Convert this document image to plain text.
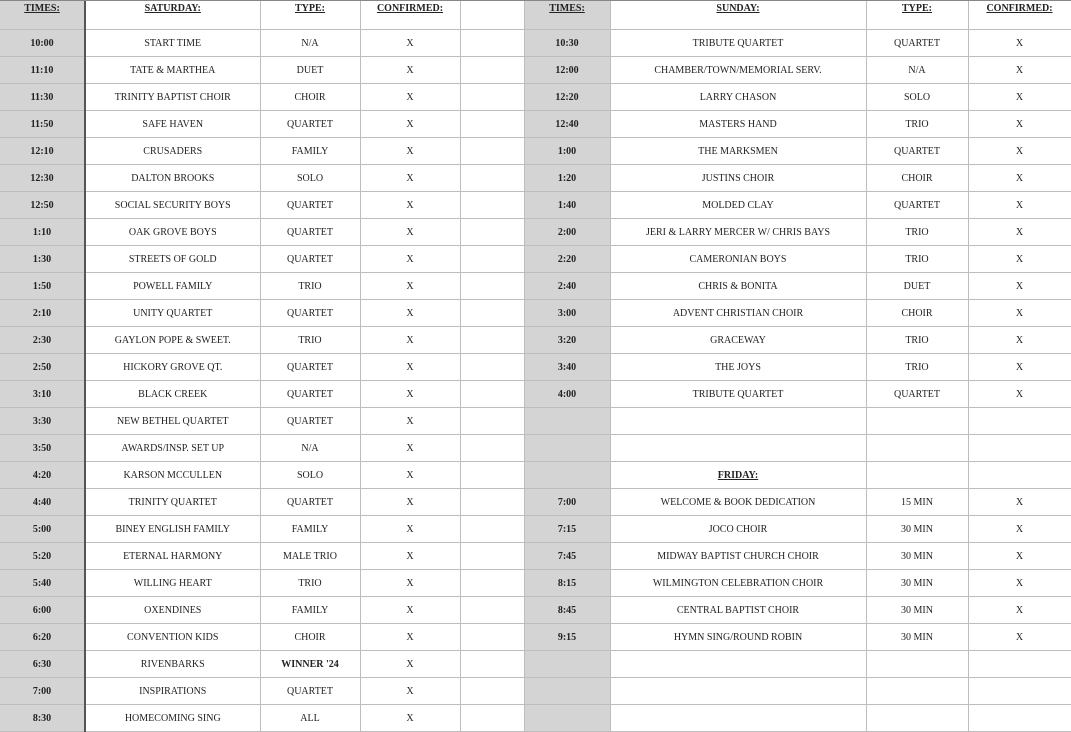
TIMES:	SATURDAY:	TYPE:	CONFIRMED:		TIMES:	SUNDAY:	TYPE:	CONFIRMED:
10:00	START TIME	N/A	X		10:30	TRIBUTE QUARTET	QUARTET	X
11:10	TATE & MARTHEA	DUET	X		12:00	CHAMBER/TOWN/MEMORIAL SERV.	N/A	X
11:30	TRINITY BAPTIST CHOIR	CHOIR	X		12:20	LARRY CHASON	SOLO	X
11:50	SAFE HAVEN	QUARTET	X		12:40	MASTERS HAND	TRIO	X
12:10	CRUSADERS	FAMILY	X		1:00	THE MARKSMEN	QUARTET	X
12:30	DALTON BROOKS	SOLO	X		1:20	JUSTINS CHOIR	CHOIR	X
12:50	SOCIAL SECURITY BOYS	QUARTET	X		1:40	MOLDED CLAY	QUARTET	X
1:10	OAK GROVE BOYS	QUARTET	X		2:00	JERI & LARRY MERCER W/ CHRIS BAYS	TRIO	X
1:30	STREETS OF GOLD	QUARTET	X		2:20	CAMERONIAN BOYS	TRIO	X
1:50	POWELL FAMILY	TRIO	X		2:40	CHRIS & BONITA	DUET	X
2:10	UNITY QUARTET	QUARTET	X		3:00	ADVENT CHRISTIAN CHOIR	CHOIR	X
2:30	GAYLON POPE & SWEET.	TRIO	X		3:20	GRACEWAY	TRIO	X
2:50	HICKORY GROVE QT.	QUARTET	X		3:40	THE JOYS	TRIO	X
3:10	BLACK CREEK	QUARTET	X		4:00	TRIBUTE QUARTET	QUARTET	X
3:30	NEW BETHEL QUARTET	QUARTET	X					
3:50	AWARDS/INSP. SET UP	N/A	X					
4:20	KARSON MCCULLEN	SOLO	X			FRIDAY:		
4:40	TRINITY QUARTET	QUARTET	X		7:00	WELCOME & BOOK DEDICATION	15 MIN	X
5:00	BINEY ENGLISH FAMILY	FAMILY	X		7:15	JOCO CHOIR	30 MIN	X
5:20	ETERNAL HARMONY	MALE TRIO	X		7:45	MIDWAY BAPTIST CHURCH CHOIR	30 MIN	X
5:40	WILLING HEART	TRIO	X		8:15	WILMINGTON CELEBRATION CHOIR	30 MIN	X
6:00	OXENDINES	FAMILY	X		8:45	CENTRAL BAPTIST CHOIR	30 MIN	X
6:20	CONVENTION KIDS	CHOIR	X		9:15	HYMN SING/ROUND ROBIN	30 MIN	X
6:30	RIVENBARKS	WINNER '24	X					
7:00	INSPIRATIONS	QUARTET	X					
8:30	HOMECOMING SING	ALL	X					
